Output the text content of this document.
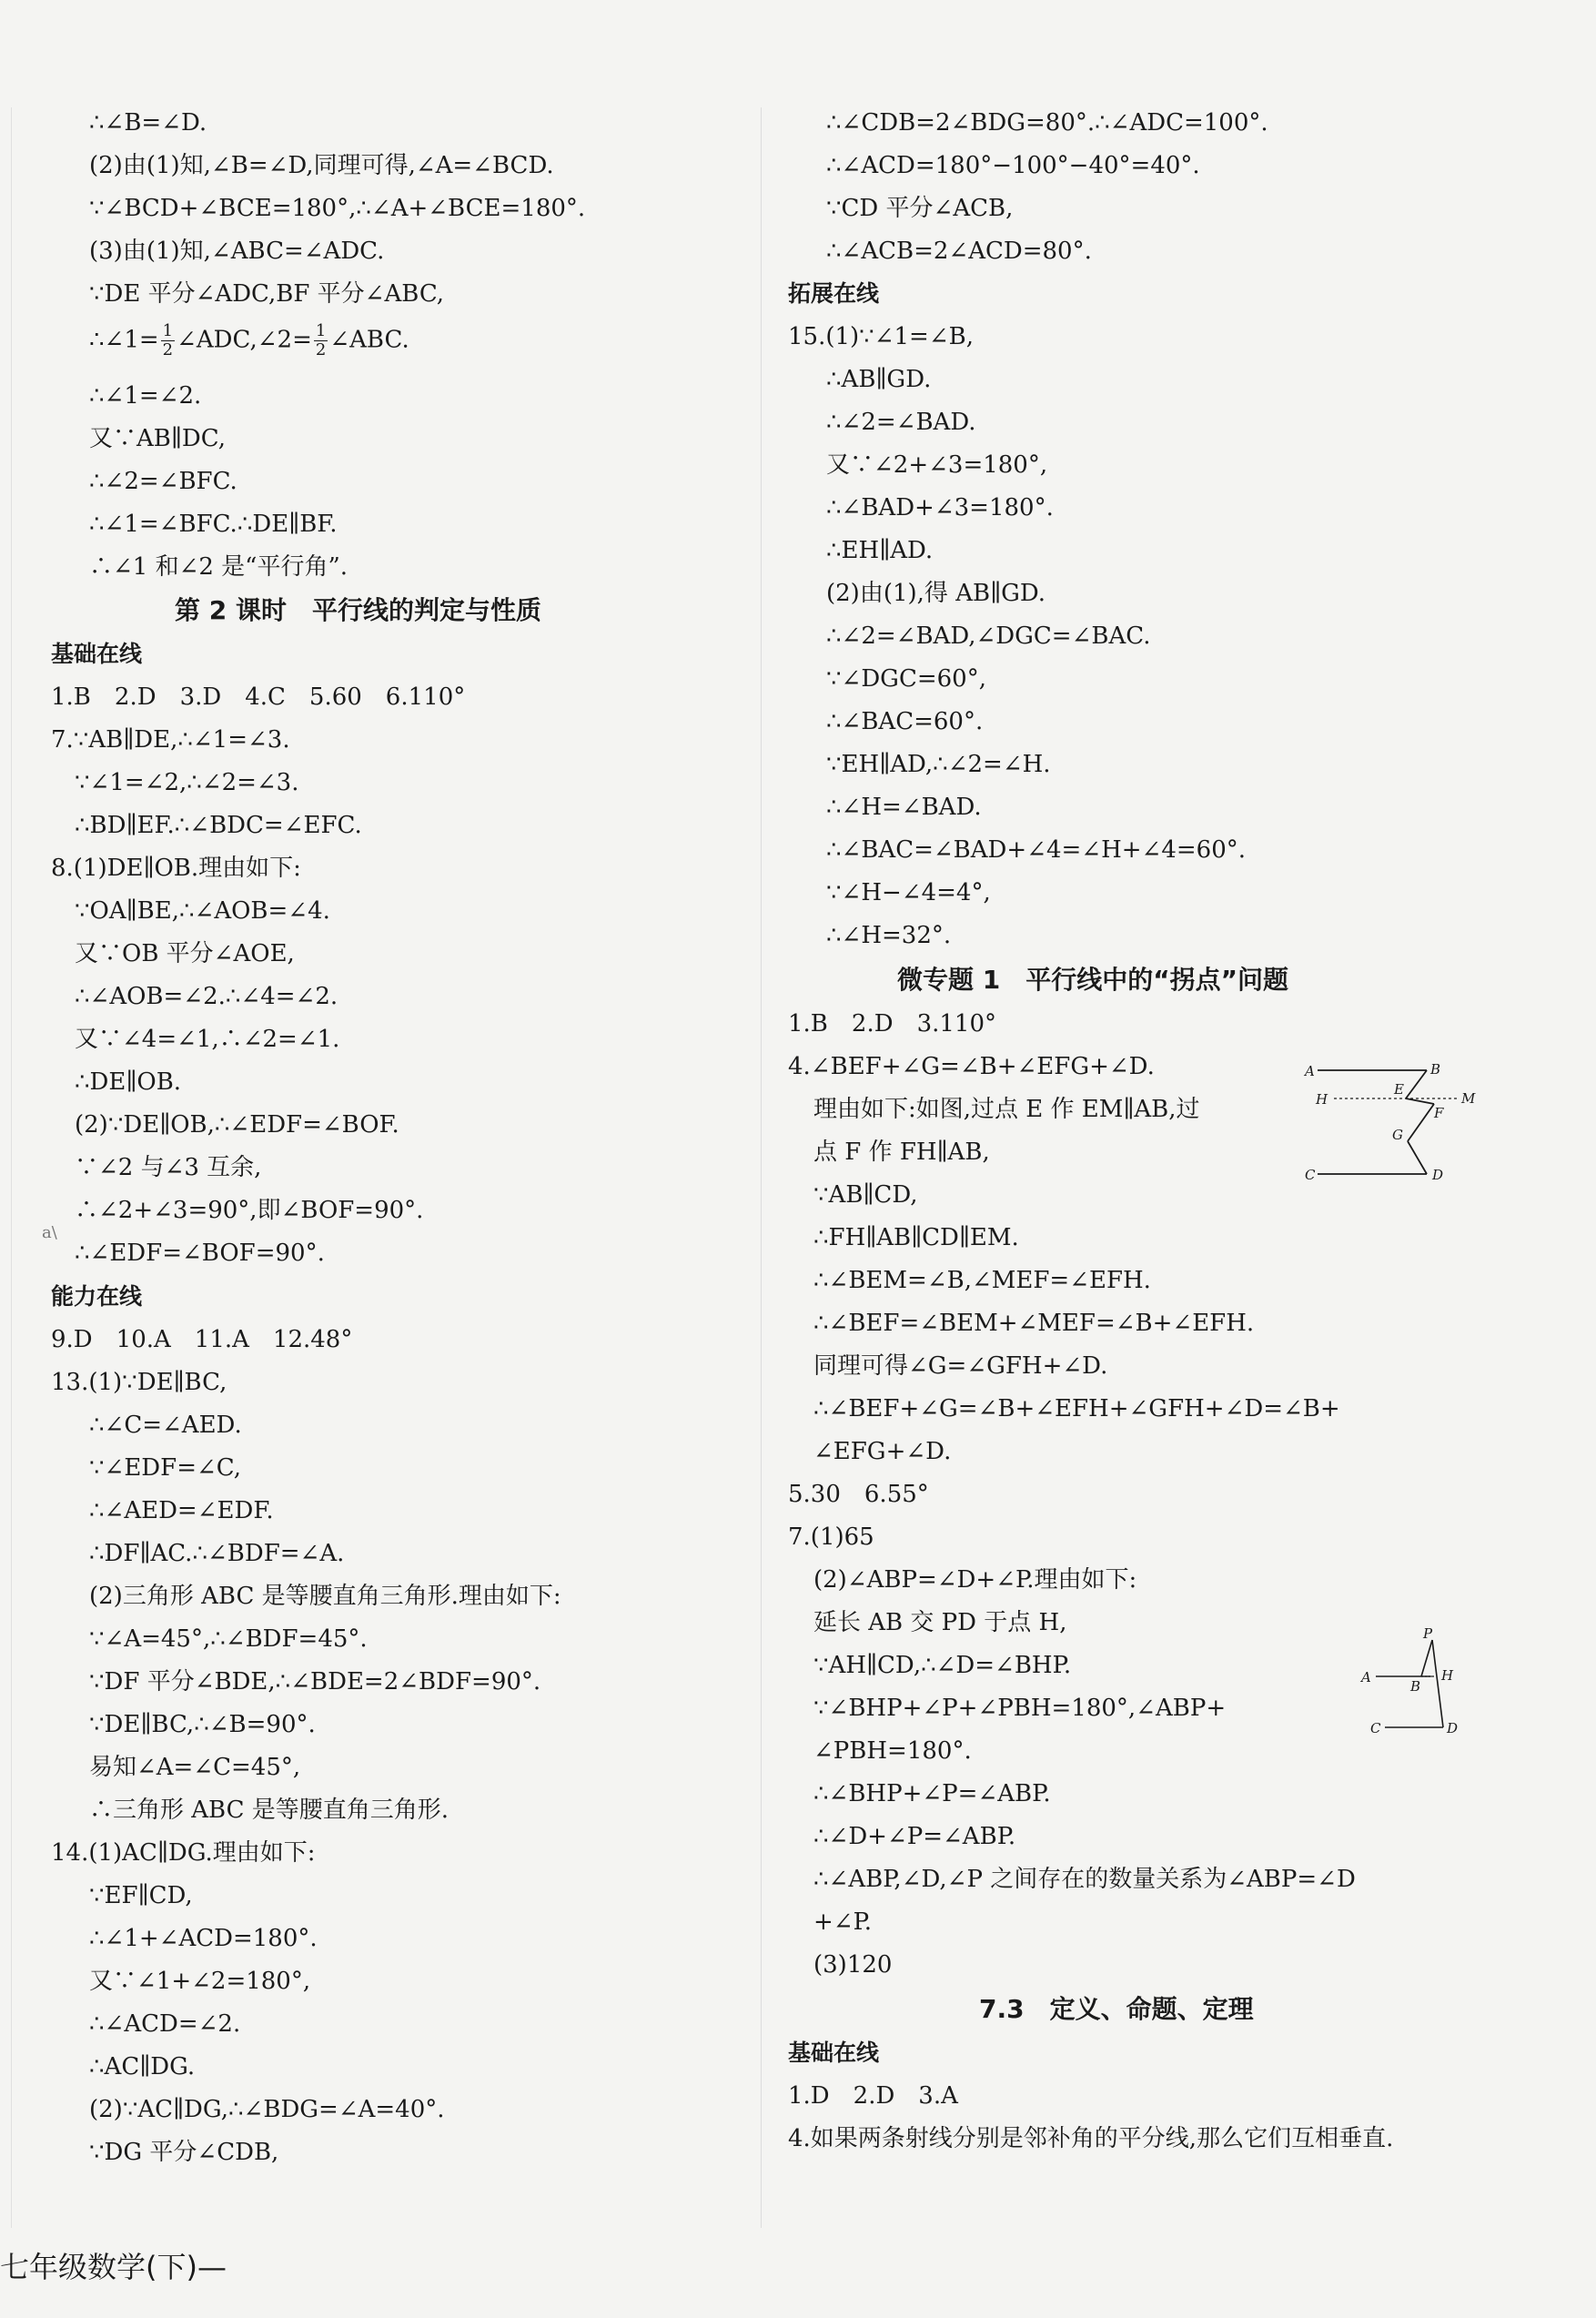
∴∠B=∠D.
(2)由(1)知,∠B=∠D,同理可得,∠A=∠BCD.
∵∠BCD+∠BCE=180°,∴∠A+∠BCE=180°.
(3)由(1)知,∠ABC=∠ADC.
∵DE 平分∠ADC,BF 平分∠ABC,
∴∠1= $\frac{1}{2}$ ∠ADC,∠2= $\frac{1}{2}$ ∠ABC.
∴∠1=∠2.
又∵AB∥DC,
∴∠2=∠BFC.
∴∠1=∠BFC.∴DE∥BF.
∴∠1 和∠2 是“平行角”.
第 2 课时　平行线的判定与性质
基础在线
1.B　2.D　3.D　4.C　5.60　6.110°
7.∵AB∥DE,∴∠1=∠3.
∵∠1=∠2,∴∠2=∠3.
∴BD∥EF.∴∠BDC=∠EFC.
8.(1)DE∥OB.理由如下:
∵OA∥BE,∴∠AOB=∠4.
又∵OB 平分∠AOE,
∴∠AOB=∠2.∴∠4=∠2.
又∵∠4=∠1,∴∠2=∠1.
∴DE∥OB.
(2)∵DE∥OB,∴∠EDF=∠BOF.
∵∠2 与∠3 互余,
∴∠2+∠3=90°,即∠BOF=90°.
∴∠EDF=∠BOF=90°.
能力在线
9.D　10.A　11.A　12.48°
13.(1)∵DE∥BC,
∴∠C=∠AED.
∵∠EDF=∠C,
∴∠AED=∠EDF.
∴DF∥AC.∴∠BDF=∠A.
(2)三角形 ABC 是等腰直角三角形.理由如下:
∵∠A=45°,∴∠BDF=45°.
∵DF 平分∠BDE,∴∠BDE=2∠BDF=90°.
∵DE∥BC,∴∠B=90°.
易知∠A=∠C=45°,
∴三角形 ABC 是等腰直角三角形.
14.(1)AC∥DG.理由如下:
∵EF∥CD,
∴∠1+∠ACD=180°.
又∵∠1+∠2=180°,
∴∠ACD=∠2.
∴AC∥DG.
(2)∵AC∥DG,∴∠BDG=∠A=40°.
∵DG 平分∠CDB,
∴∠CDB=2∠BDG=80°.∴∠ADC=100°.
∴∠ACD=180°−100°−40°=40°.
∵CD 平分∠ACB,
∴∠ACB=2∠ACD=80°.
拓展在线
15.(1)∵∠1=∠B,
∴AB∥GD.
∴∠2=∠BAD.
又∵∠2+∠3=180°,
∴∠BAD+∠3=180°.
∴EH∥AD.
(2)由(1),得 AB∥GD.
∴∠2=∠BAD,∠DGC=∠BAC.
∵∠DGC=60°,
∴∠BAC=60°.
∵EH∥AD,∴∠2=∠H.
∴∠H=∠BAD.
∴∠BAC=∠BAD+∠4=∠H+∠4=60°.
∵∠H−∠4=4°,
∴∠H=32°.
微专题 1　平行线中的“拐点”问题
1.B　2.D　3.110°
4.∠BEF+∠G=∠B+∠EFG+∠D.
理由如下:如图,过点 E 作 EM∥AB,过
点 F 作 FH∥AB,
∵AB∥CD,
∴FH∥AB∥CD∥EM.
∴∠BEM=∠B,∠MEF=∠EFH.
∴∠BEF=∠BEM+∠MEF=∠B+∠EFH.
同理可得∠G=∠GFH+∠D.
∴∠BEF+∠G=∠B+∠EFH+∠GFH+∠D=∠B+
∠EFG+∠D.
5.30　6.55°
7.(1)65
(2)∠ABP=∠D+∠P.理由如下:
延长 AB 交 PD 于点 H,
∵AH∥CD,∴∠D=∠BHP.
∵∠BHP+∠P+∠PBH=180°,∠ABP+
∠PBH=180°.
∴∠BHP+∠P=∠ABP.
∴∠D+∠P=∠ABP.
∴∠ABP,∠D,∠P 之间存在的数量关系为∠ABP=∠D
+∠P.
(3)120
7.3　定义、命题、定理
基础在线
1.D　2.D　3.A
4.如果两条射线分别是邻补角的平分线,那么它们互相垂直.
A	B
H
E
M
F
G
C	D
P
A
B
H
C	D
a\
七年级数学(下)—
